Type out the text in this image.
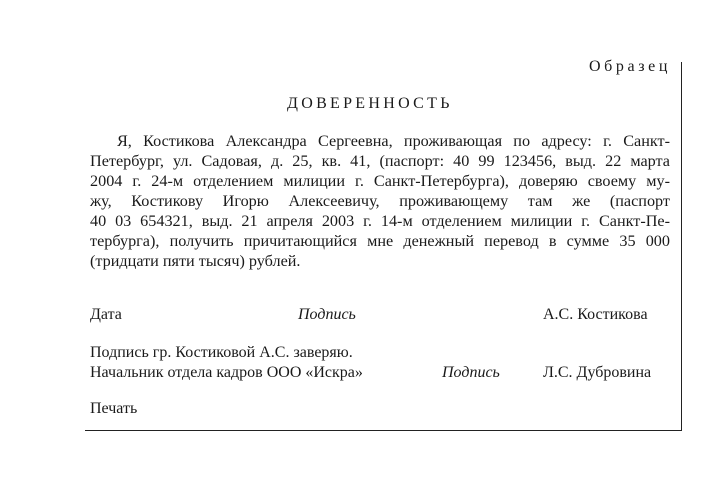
Образец
ДОВЕРЕННОСТЬ
Я, Костикова Александра Сергеевна, проживающая по адресу: г. Санкт-
Петербург, ул. Садовая, д. 25, кв. 41, (паспорт: 40 99 123456, выд. 22 марта
2004 г. 24-м отделением милиции г. Санкт-Петербурга), доверяю своему му-
жу, Костикову Игорю Алексеевичу, проживающему там же (паспорт
40 03 654321, выд. 21 апреля 2003 г. 14-м отделением милиции г. Санкт-Пе-
тербурга), получить причитающийся мне денежный перевод в сумме 35 000
(тридцати пяти тысяч) рублей.
Дата	Подпись	А.С. Костикова
Подпись гр. Костиковой А.С. заверяю.
Начальник отдела кадров ООО «Искра»	Подпись	Л.С. Дубровина
Печать
